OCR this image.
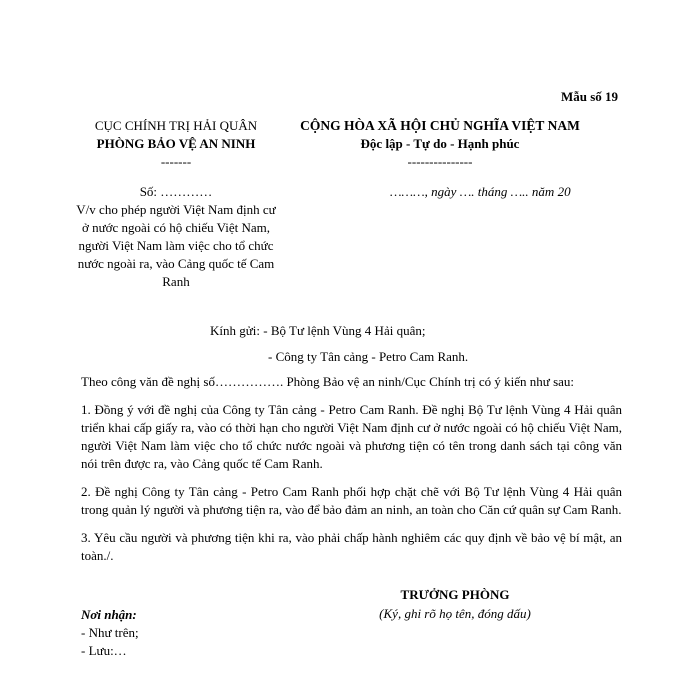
Mẫu số 19
CỤC CHÍNH TRỊ HẢI QUÂN
PHÒNG BẢO VỆ AN NINH
-------
CỘNG HÒA XÃ HỘI CHỦ NGHĨA VIỆT NAM
Độc lập - Tự do - Hạnh phúc
---------------
Số: …………
V/v cho phép người Việt Nam định cư ở nước ngoài có hộ chiếu Việt Nam, người Việt Nam làm việc cho tổ chức nước ngoài ra, vào Cảng quốc tế Cam Ranh
………, ngày …. tháng ….. năm 20
Kính gửi: - Bộ Tư lệnh Vùng 4 Hải quân;
- Công ty Tân cảng - Petro Cam Ranh.

Theo công văn đề nghị số……………. Phòng Bảo vệ an ninh/Cục Chính trị có ý kiến như sau:

1. Đồng ý với đề nghị của Công ty Tân cảng - Petro Cam Ranh. Đề nghị Bộ Tư lệnh Vùng 4 Hải quân triển khai cấp giấy ra, vào có thời hạn cho người Việt Nam định cư ở nước ngoài có hộ chiếu Việt Nam, người Việt Nam làm việc cho tổ chức nước ngoài và phương tiện có tên trong danh sách tại công văn nói trên được ra, vào Cảng quốc tế Cam Ranh.

2. Đề nghị Công ty Tân cảng - Petro Cam Ranh phối hợp chặt chẽ với Bộ Tư lệnh Vùng 4 Hải quân trong quản lý người và phương tiện ra, vào để bảo đảm an ninh, an toàn cho Căn cứ quân sự Cam Ranh.

3. Yêu cầu người và phương tiện khi ra, vào phải chấp hành nghiêm các quy định về bảo vệ bí mật, an toàn./.

TRƯỞNG PHÒNG
(Ký, ghi rõ họ tên, đóng dấu)
Nơi nhận:
- Như trên;
- Lưu:…
